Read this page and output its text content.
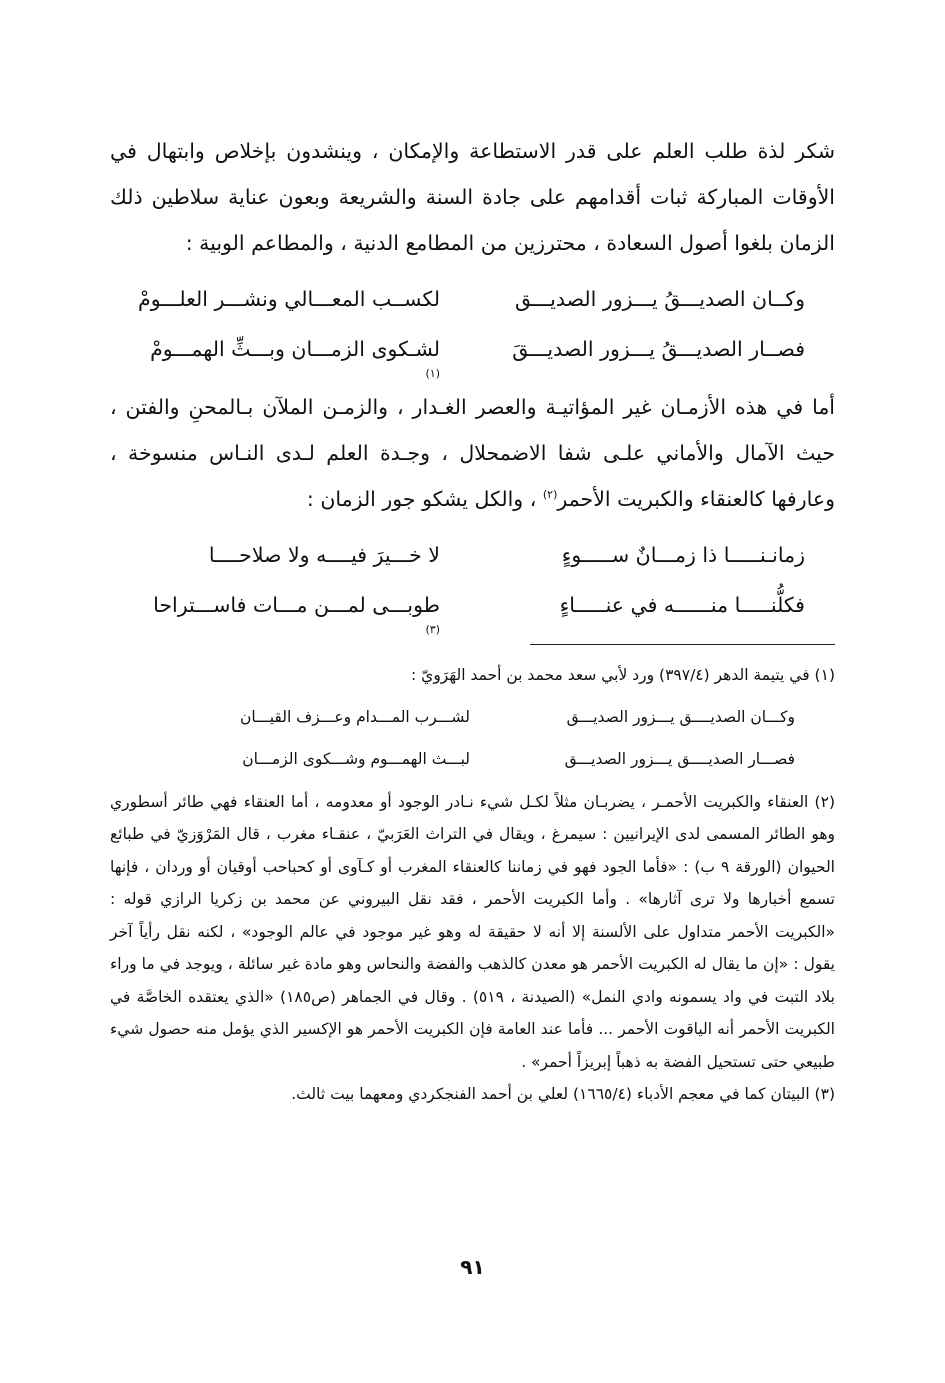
شكر لذة طلب العلم على قدر الاستطاعة والإمكان ، وينشدون بإخلاص وابتهال في الأوقات المباركة ثبات أقدامهم على جادة السنة والشريعة وبعون عناية سلاطين ذلك الزمان بلغوا أصول السعادة ، محترزين من المطامع الدنية ، والمطاعم الوبية :

وكــان الصديـــقُ يـــزور الصديـــق
لكســب المعـــالي ونشـــر العلـــومْ
فصــار الصديـــقُ يـــزور الصديـــقَ
لشـكوى الزمـــان وبـــثِّ الهمـــومْ
(١)

أما في هذه الأزمـان غير المؤاتيـة والعصر الغـدار ، والزمـن الملآن بـالمحنِ والفتن ، حيث الآمال والأماني علـى شفا الاضمحلال ، وجـدة العلم لـدى النـاس منسوخة ، وعارفها كالعنقاء والكبريت الأحمر$^{(٢)}$ ، والكل يشكو جور الزمان :

زمانـنـــــا ذا زمـــانٌ ســـــوءٍ
لا خـــيرَ فيــــه ولا صلاحــــا
فكلُّنـــــا منــــــه في عنـــــاءٍ
طوبـــى لمـــن مـــات فاســـتراحا
(٣)

(١) في يتيمة الدهر (٣٩٧/٤) ورد لأبي سعد محمد بن أحمد الهَرَويّ :

وكـــان الصديــــق يـــزور الصديـــق
لشـــرب المـــدام وعـــزف القيـــان
فصـــار الصديــــق يـــزور الصديـــق
لبـــث الهمـــوم وشـــكوى الزمـــان

(٢) العنقاء والكبريت الأحمـر ، يضربـان مثلاً لكـل شيء نـادر الوجود أو معدومه ، أما العنقاء فهي طائر أسطوري وهو الطائر المسمى لدى الإيرانيين : سيمرغ ، ويقال في التراث العَرَبيّ ، عنقـاء مغرب ، قال المَرْوَزيّ في طبائع الحيوان (الورقة ٩ ب) : «فأما الجود فهو في زماننا كالعنقاء المغرب أو كـآوى أو كحباحب أوقيان أو وردان ، فإنها تسمع أخبارها ولا ترى آثارها» . وأما الكبريت الأحمر ، فقد نقل البيروني عن محمد بن زكريا الرازي قوله : «الكبريت الأحمر متداول على الألسنة إلا أنه لا حقيقة له وهو غير موجود في عالم الوجود» ، لكنه نقل رأياً آخر يقول : «إن ما يقال له الكبريت الأحمر هو معدن كالذهب والفضة والنحاس وهو مادة غير سائلة ، ويوجد في ما وراء بلاد التبت في واد يسمونه وادي النمل» (الصيدنة ، ٥١٩) . وقال في الجماهر (ص١٨٥) «الذي يعتقده الخاصَّة في الكبريت الأحمر أنه الياقوت الأحمر ... فأما عند العامة فإن الكبريت الأحمر هو الإكسير الذي يؤمل منه حصول شيء طبيعي حتى تستحيل الفضة به ذهباً إبريزاً أحمر» .

(٣) البيتان كما في معجم الأدباء (١٦٦٥/٤) لعلي بن أحمد الفنجكردي ومعهما بيت ثالث.

٩١
